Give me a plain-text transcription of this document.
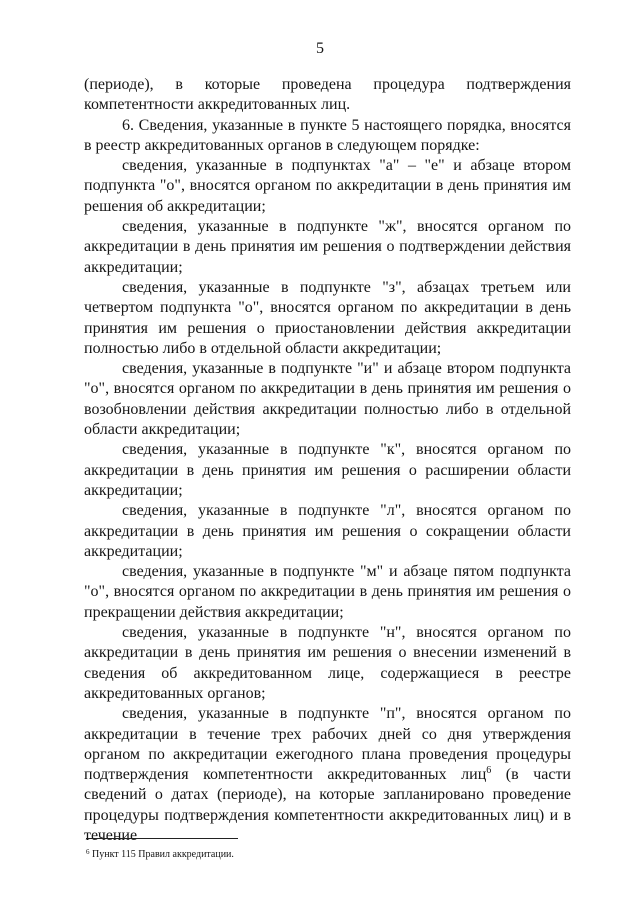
5

(периоде), в которые проведена процедура подтверждения компетентности аккредитованных лиц.

6. Сведения, указанные в пункте 5 настоящего порядка, вносятся в реестр аккредитованных органов в следующем порядке:

сведения, указанные в подпунктах "а" – "е" и абзаце втором подпункта "о", вносятся органом по аккредитации в день принятия им решения об аккредитации;

сведения, указанные в подпункте "ж", вносятся органом по аккредитации в день принятия им решения о подтверждении действия аккредитации;

сведения, указанные в подпункте "з", абзацах третьем или четвертом подпункта "о", вносятся органом по аккредитации в день принятия им решения о приостановлении действия аккредитации полностью либо в отдельной области аккредитации;

сведения, указанные в подпункте "и" и абзаце втором подпункта "о", вносятся органом по аккредитации в день принятия им решения о возобновлении действия аккредитации полностью либо в отдельной области аккредитации;

сведения, указанные в подпункте "к", вносятся органом по аккредитации в день принятия им решения о расширении области аккредитации;

сведения, указанные в подпункте "л", вносятся органом по аккредитации в день принятия им решения о сокращении области аккредитации;

сведения, указанные в подпункте "м" и абзаце пятом подпункта "о", вносятся органом по аккредитации в день принятия им решения о прекращении действия аккредитации;

сведения, указанные в подпункте "н", вносятся органом по аккредитации в день принятия им решения о внесении изменений в сведения об аккредитованном лице, содержащиеся в реестре аккредитованных органов;

сведения, указанные в подпункте "п", вносятся органом по аккредитации в течение трех рабочих дней со дня утверждения органом по аккредитации ежегодного плана проведения процедуры подтверждения компетентности аккредитованных лиц$^6$ (в части сведений о датах (периоде), на которые запланировано проведение процедуры подтверждения компетентности аккредитованных лиц) и в течение

$^6$ Пункт 115 Правил аккредитации.
